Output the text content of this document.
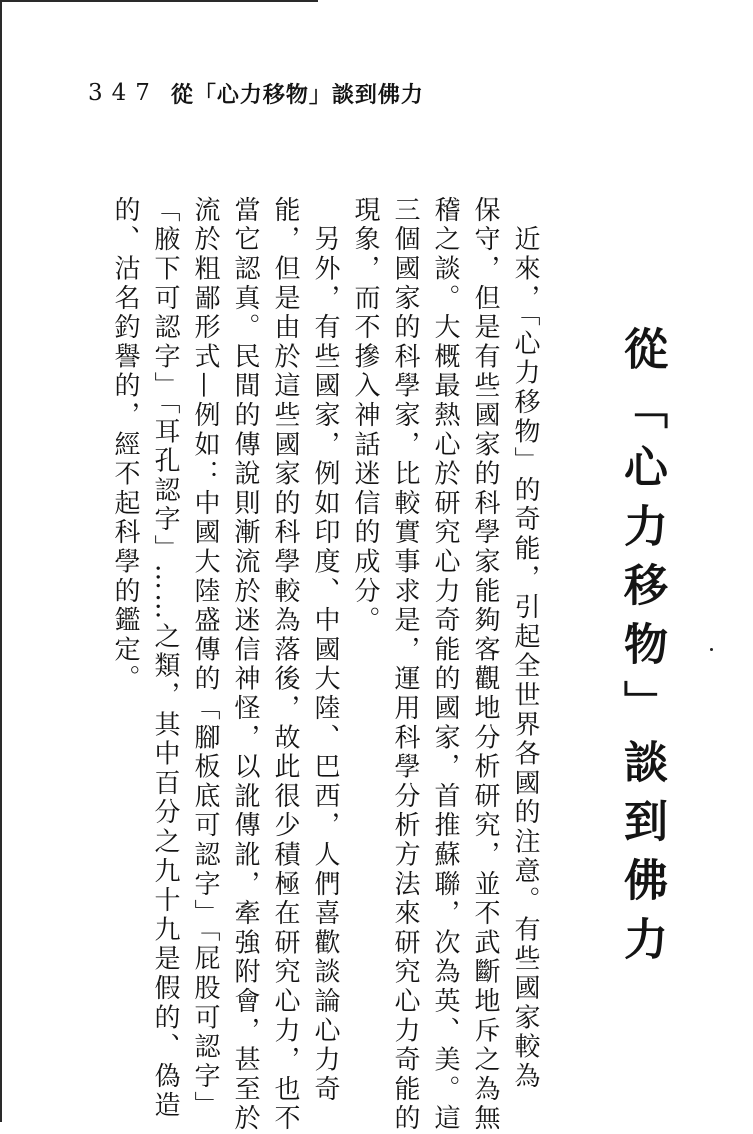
347 從「心力移物」談到佛力
從「心力移物」談到佛力
　近來，「心力移物」的奇能，引起全世界各國的注意。有些國家較為
保守，但是有些國家的科學家能夠客觀地分析研究，並不武斷地斥之為無
稽之談。大概最熱心於研究心力奇能的國家，首推蘇聯，次為英、美。這
三個國家的科學家，比較實事求是，運用科學分析方法來研究心力奇能的
現象，而不摻入神話迷信的成分。
　另外，有些國家，例如印度、中國大陸、巴西，人們喜歡談論心力奇
能，但是由於這些國家的科學較為落後，故此很少積極在研究心力，也不
當它認真。民間的傳說則漸流於迷信神怪，以訛傳訛，牽強附會，甚至於
流於粗鄙形式—例如：中國大陸盛傳的「腳板底可認字」「屁股可認字」
「腋下可認字」「耳孔認字」……之類，其中百分之九十九是假的、偽造
的、沽名釣譽的，經不起科學的鑑定。
